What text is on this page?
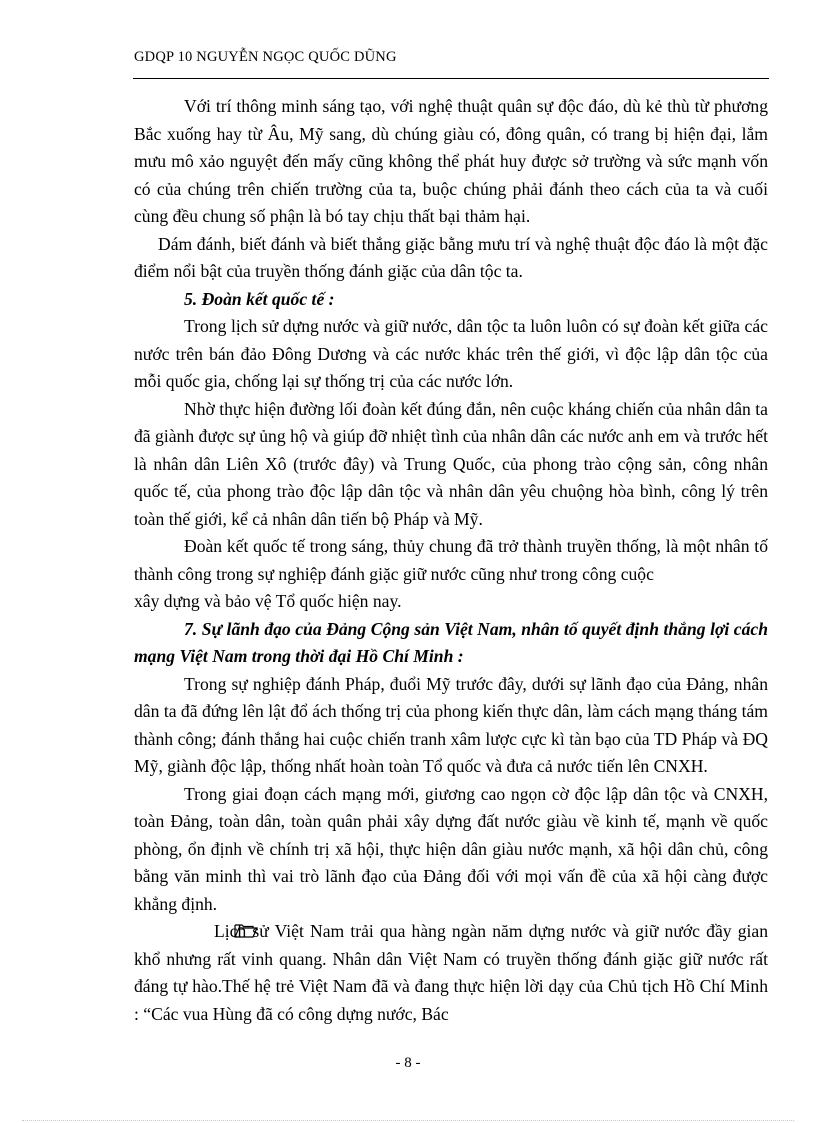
GDQP 10 NGUYỄN NGỌC QUỐC DŨNG

Với trí thông minh sáng tạo, với nghệ thuật quân sự độc đáo, dù kẻ thù từ phương Bắc xuống hay từ Âu, Mỹ sang, dù chúng giàu có, đông quân, có trang bị hiện đại, lắm mưu mô xảo nguyệt đến mấy cũng không thể phát huy được sở trường và sức mạnh vốn có của chúng trên chiến trường của ta, buộc chúng phải đánh theo cách của ta và cuối cùng đều chung số phận là bó tay chịu thất bại thảm hại.

Dám đánh, biết đánh và biết thắng giặc bằng mưu trí và nghệ thuật độc đáo là một đặc điểm nổi bật của truyền thống đánh giặc của dân tộc ta.

5. Đoàn kết quốc tế :

Trong lịch sử dựng nước và giữ nước, dân tộc ta luôn luôn có sự đoàn kết giữa các nước trên bán đảo Đông Dương và các nước khác trên thế giới, vì độc lập dân tộc của mỗi quốc gia, chống lại sự thống trị của các nước lớn.

Nhờ thực hiện đường lối đoàn kết đúng đắn, nên cuộc kháng chiến của nhân dân ta đã giành được sự ủng hộ và giúp đỡ nhiệt tình của nhân dân các nước anh em và trước hết là nhân dân Liên Xô (trước đây) và Trung Quốc, của phong trào cộng sản, công nhân quốc tế, của phong trào độc lập dân tộc và nhân dân yêu chuộng hòa bình, công lý trên toàn thế giới, kể cả nhân dân tiến bộ Pháp và Mỹ.

Đoàn kết quốc tế trong sáng, thủy chung đã trở thành truyền thống, là một nhân tố thành công trong sự nghiệp đánh giặc giữ nước cũng như trong công cuộc

xây dựng và bảo vệ Tổ quốc hiện nay.

7. Sự lãnh đạo của Đảng Cộng sản Việt Nam, nhân tố quyết định thắng lợi cách mạng Việt Nam trong thời đại Hồ Chí Minh :

Trong sự nghiệp đánh Pháp, đuổi Mỹ trước đây, dưới sự lãnh đạo của Đảng, nhân dân ta đã đứng lên lật đổ ách thống trị của phong kiến thực dân, làm cách mạng tháng tám thành công; đánh thắng hai cuộc chiến tranh xâm lược cực kì tàn bạo của TD Pháp và ĐQ Mỹ, giành độc lập, thống nhất hoàn toàn Tổ quốc và đưa cả nước tiến lên CNXH.

Trong giai đoạn cách mạng mới, giương cao ngọn cờ độc lập dân tộc và CNXH, toàn Đảng, toàn dân, toàn quân phải xây dựng đất nước giàu về kinh tế, mạnh về quốc phòng, ổn định về chính trị xã hội, thực hiện dân giàu nước mạnh, xã hội dân chủ, công bằng văn minh thì vai trò lãnh đạo của Đảng đối với mọi vấn đề của xã hội càng được khẳng định.

Lịch sử Việt Nam trải qua hàng ngàn năm dựng nước và giữ nước đầy gian khổ nhưng rất vinh quang. Nhân dân Việt Nam có truyền thống đánh giặc giữ nước rất đáng tự hào.Thế hệ trẻ Việt Nam đã và đang thực hiện lời dạy của Chủ tịch Hồ Chí Minh : “Các vua Hùng đã có công dựng nước, Bác

- 8 -
